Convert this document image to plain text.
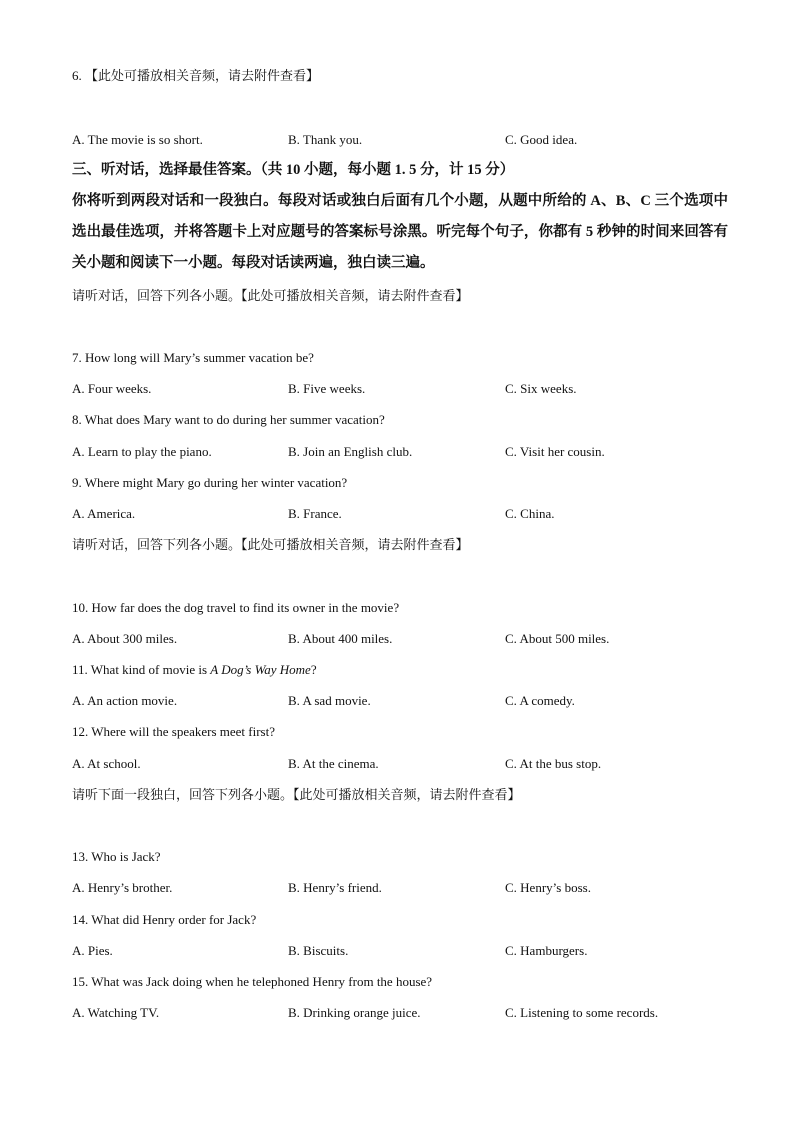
6. 【此处可播放相关音频，请去附件查看】
A. The movie is so short.	B. Thank you.	C. Good idea.
三、听对话，选择最佳答案。（共 10 小题，每小题 1. 5 分，计 15 分）
你将听到两段对话和一段独白。每段对话或独白后面有几个小题，从题中所给的 A、B、C 三个选项中选出最佳选项，并将答题卡上对应题号的答案标号涂黑。听完每个句子，你都有 5 秒钟的时间来回答有关小题和阅读下一小题。每段对话读两遍，独白读三遍。
请听对话，回答下列各小题。【此处可播放相关音频，请去附件查看】
7. How long will Mary’s summer vacation be?
A. Four weeks.	B. Five weeks.	C. Six weeks.
8. What does Mary want to do during her summer vacation?
A. Learn to play the piano.	B. Join an English club.	C. Visit her cousin.
9. Where might Mary go during her winter vacation?
A. America.	B. France.	C. China.
请听对话，回答下列各小题。【此处可播放相关音频，请去附件查看】
10. How far does the dog travel to find its owner in the movie?
A. About 300 miles.	B. About 400 miles.	C. About 500 miles.
11. What kind of movie is A Dog’s Way Home?
A. An action movie.	B. A sad movie.	C. A comedy.
12. Where will the speakers meet first?
A. At school.	B. At the cinema.	C. At the bus stop.
请听下面一段独白，回答下列各小题。【此处可播放相关音频，请去附件查看】
13. Who is Jack?
A. Henry’s brother.	B. Henry’s friend.	C. Henry’s boss.
14. What did Henry order for Jack?
A. Pies.	B. Biscuits.	C. Hamburgers.
15. What was Jack doing when he telephoned Henry from the house?
A. Watching TV.	B. Drinking orange juice.	C. Listening to some records.
